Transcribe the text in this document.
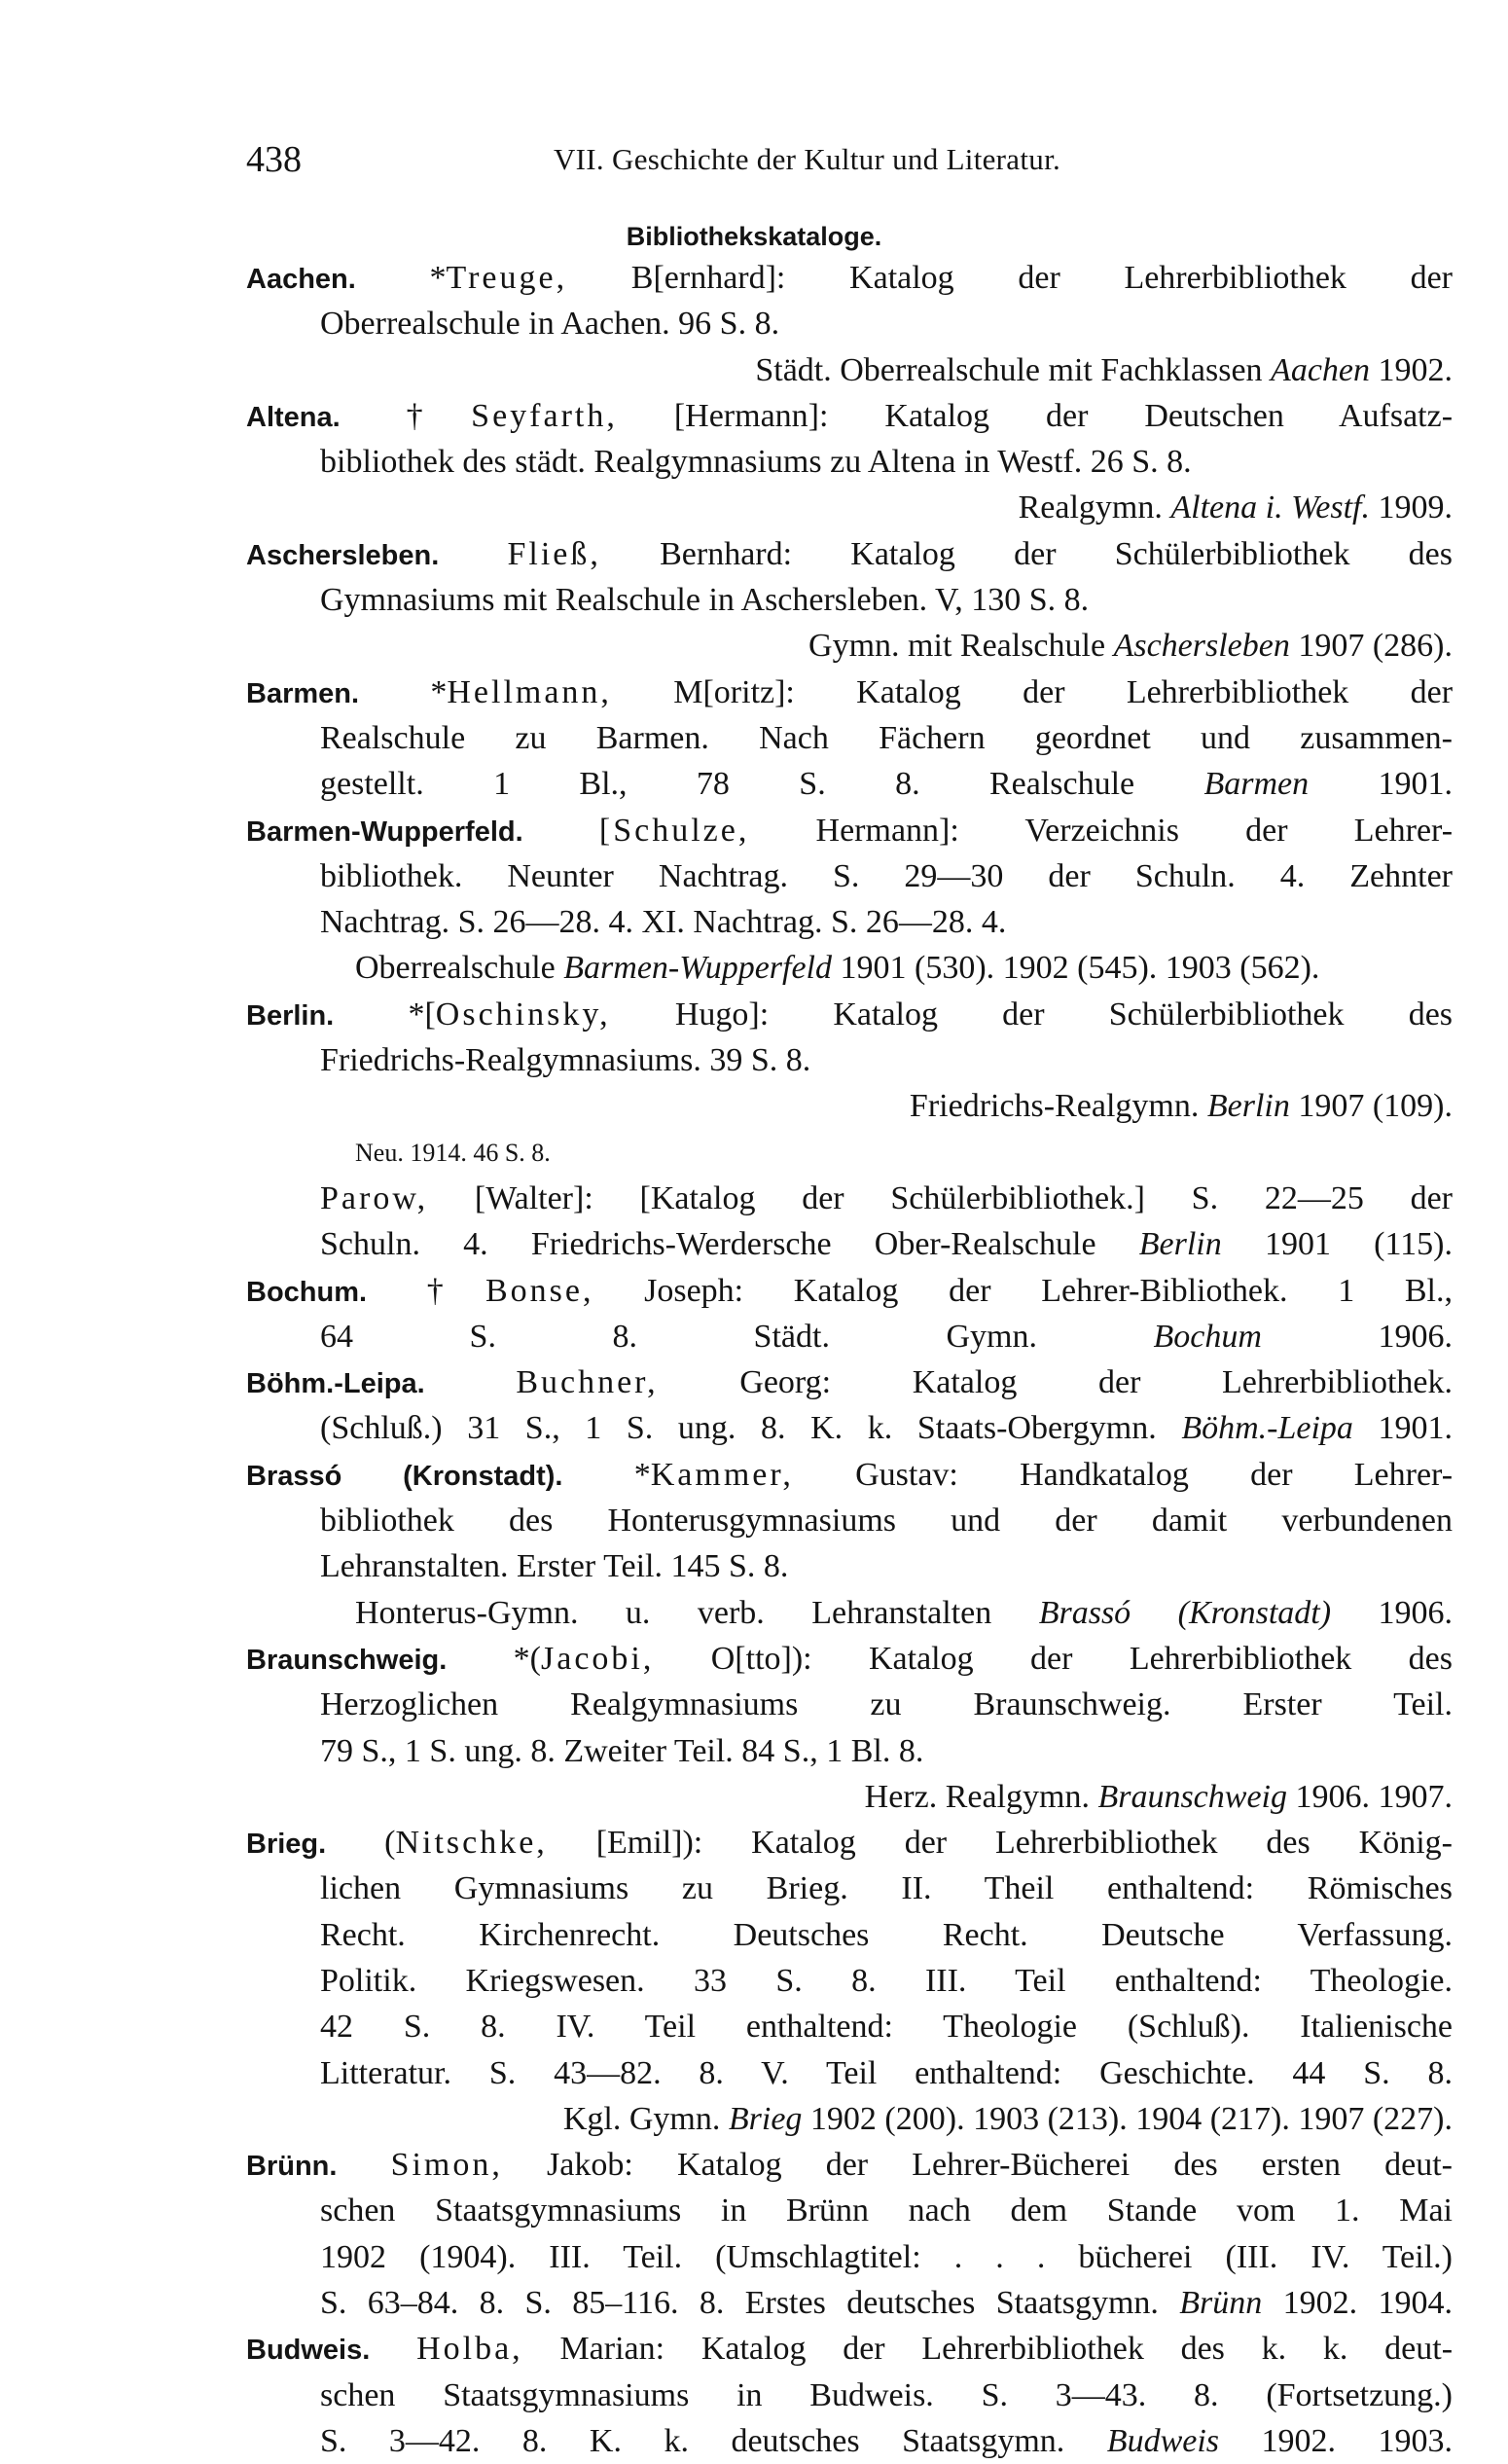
438	VII. Geschichte der Kultur und Literatur.
Bibliothekskataloge.
Aachen. *Treuge, B[ernhard]: Katalog der Lehrerbibliothek der
Oberrealschule in Aachen. 96 S. 8.
Städt. Oberrealschule mit Fachklassen Aachen 1902.
Altena. †Seyfarth, [Hermann]: Katalog der Deutschen Aufsatz-
bibliothek des städt. Realgymnasiums zu Altena in Westf. 26 S. 8.
Realgymn. Altena i. Westf. 1909.
Aschersleben. Fließ, Bernhard: Katalog der Schülerbibliothek des
Gymnasiums mit Realschule in Aschersleben. V, 130 S. 8.
Gymn. mit Realschule Aschersleben 1907 (286).
Barmen. *Hellmann, M[oritz]: Katalog der Lehrerbibliothek der
Realschule zu Barmen. Nach Fächern geordnet und zusammen-
gestellt. 1 Bl., 78 S. 8. Realschule Barmen 1901.
Barmen-Wupperfeld. [Schulze, Hermann]: Verzeichnis der Lehrer-
bibliothek. Neunter Nachtrag. S. 29—30 der Schuln. 4. Zehnter
Nachtrag. S. 26—28. 4. XI. Nachtrag. S. 26—28. 4.
Oberrealschule Barmen-Wupperfeld 1901 (530). 1902 (545). 1903 (562).
Berlin. *[Oschinsky, Hugo]: Katalog der Schülerbibliothek des
Friedrichs-Realgymnasiums. 39 S. 8.
Friedrichs-Realgymn. Berlin 1907 (109).
Neu. 1914. 46 S. 8.
Parow, [Walter]: [Katalog der Schülerbibliothek.] S. 22—25 der
Schuln. 4. Friedrichs-Werdersche Ober-Realschule Berlin 1901 (115).
Bochum. †Bonse, Joseph: Katalog der Lehrer-Bibliothek. 1 Bl.,
64 S. 8.	Städt. Gymn.	Bochum	1906.
Böhm.-Leipa.	Buchner, Georg: Katalog der Lehrerbibliothek.
(Schluß.) 31 S., 1 S. ung. 8. K. k. Staats-Obergymn. Böhm.-Leipa 1901.
Brassó (Kronstadt). *Kammer, Gustav: Handkatalog der Lehrer-
bibliothek des Honterusgymnasiums und der damit verbundenen
Lehranstalten. Erster Teil. 145 S. 8.
Honterus-Gymn. u. verb. Lehranstalten Brassó (Kronstadt) 1906.
Braunschweig. *(Jacobi, O[tto]): Katalog der Lehrerbibliothek des
Herzoglichen Realgymnasiums zu Braunschweig. Erster Teil.
79 S., 1 S. ung. 8. Zweiter Teil. 84 S., 1 Bl. 8.
Herz. Realgymn. Braunschweig 1906. 1907.
Brieg. (Nitschke, [Emil]): Katalog der Lehrerbibliothek des König-
lichen Gymnasiums zu Brieg. II. Theil enthaltend: Römisches
Recht. Kirchenrecht. Deutsches Recht. Deutsche Verfassung.
Politik. Kriegswesen. 33 S. 8. III. Teil enthaltend: Theologie.
42 S. 8. IV. Teil enthaltend: Theologie (Schluß). Italienische
Litteratur. S. 43—82. 8. V. Teil enthaltend: Geschichte. 44 S. 8.
Kgl. Gymn. Brieg 1902 (200). 1903 (213). 1904 (217). 1907 (227).
Brünn. Simon, Jakob: Katalog der Lehrer-Bücherei des ersten deut-
schen Staatsgymnasiums in Brünn nach dem Stande vom 1. Mai
1902 (1904). III. Teil. (Umschlagtitel: . . . bücherei (III. IV. Teil.)
S. 63–84. 8. S. 85–116. 8. Erstes deutsches Staatsgymn. Brünn 1902. 1904.
Budweis. Holba, Marian: Katalog der Lehrerbibliothek des k. k. deut-
schen Staatsgymnasiums in Budweis. S. 3—43. 8. (Fortsetzung.)
S. 3—42. 8. K. k. deutsches Staatsgymn. Budweis 1902. 1903.
